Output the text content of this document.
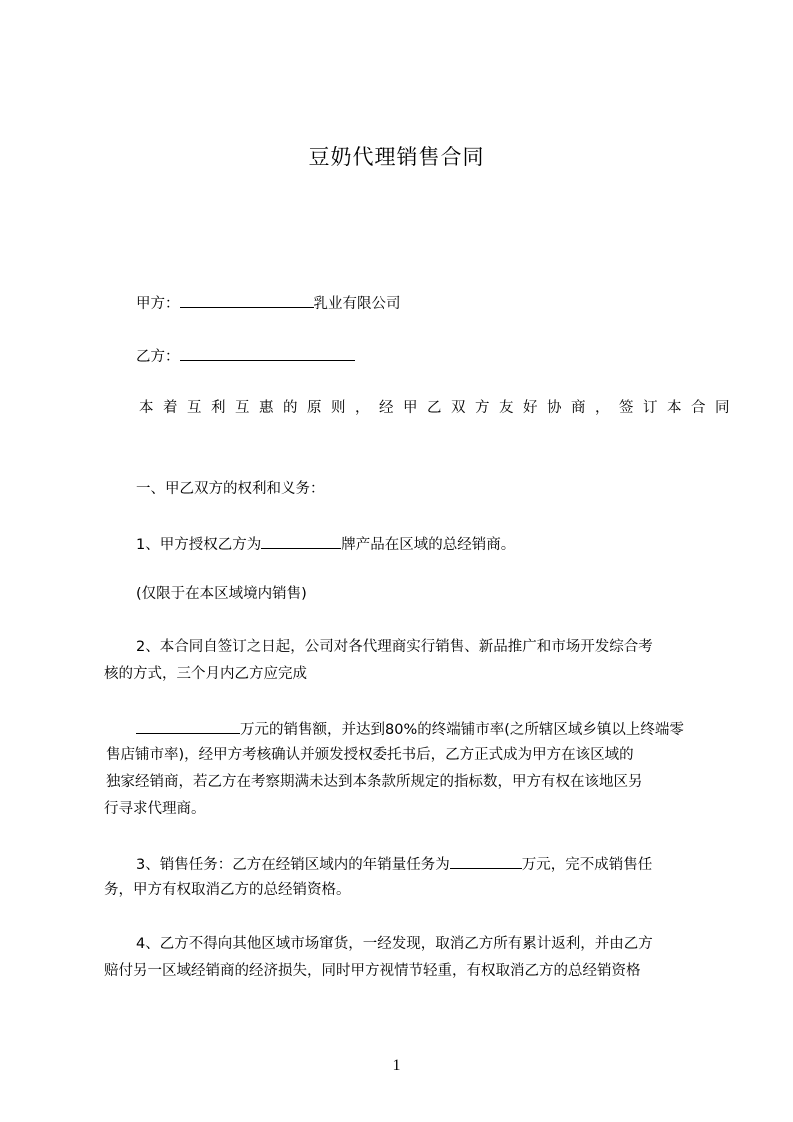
豆奶代理销售合同
甲方：	乳业有限公司
乙方：
本着互利互惠的原则，经甲乙双方友好协商，签订本合同
一、甲乙双方的权利和义务：
1、甲方授权乙方为	牌产品在区域的总经销商。
(仅限于在本区域境内销售)
2、本合同自签订之日起，公司对各代理商实行销售、新品推广和市场开发综合考
核的方式，三个月内乙方应完成
万元的销售额，并达到80%的终端铺市率(之所辖区域乡镇以上终端零
售店铺市率)，经甲方考核确认并颁发授权委托书后，乙方正式成为甲方在该区域的
独家经销商，若乙方在考察期满未达到本条款所规定的指标数，甲方有权在该地区另
行寻求代理商。
3、销售任务：乙方在经销区域内的年销量任务为	万元，完不成销售任
务，甲方有权取消乙方的总经销资格。
4、乙方不得向其他区域市场窜货，一经发现，取消乙方所有累计返利，并由乙方
赔付另一区域经销商的经济损失，同时甲方视情节轻重，有权取消乙方的总经销资格
1
